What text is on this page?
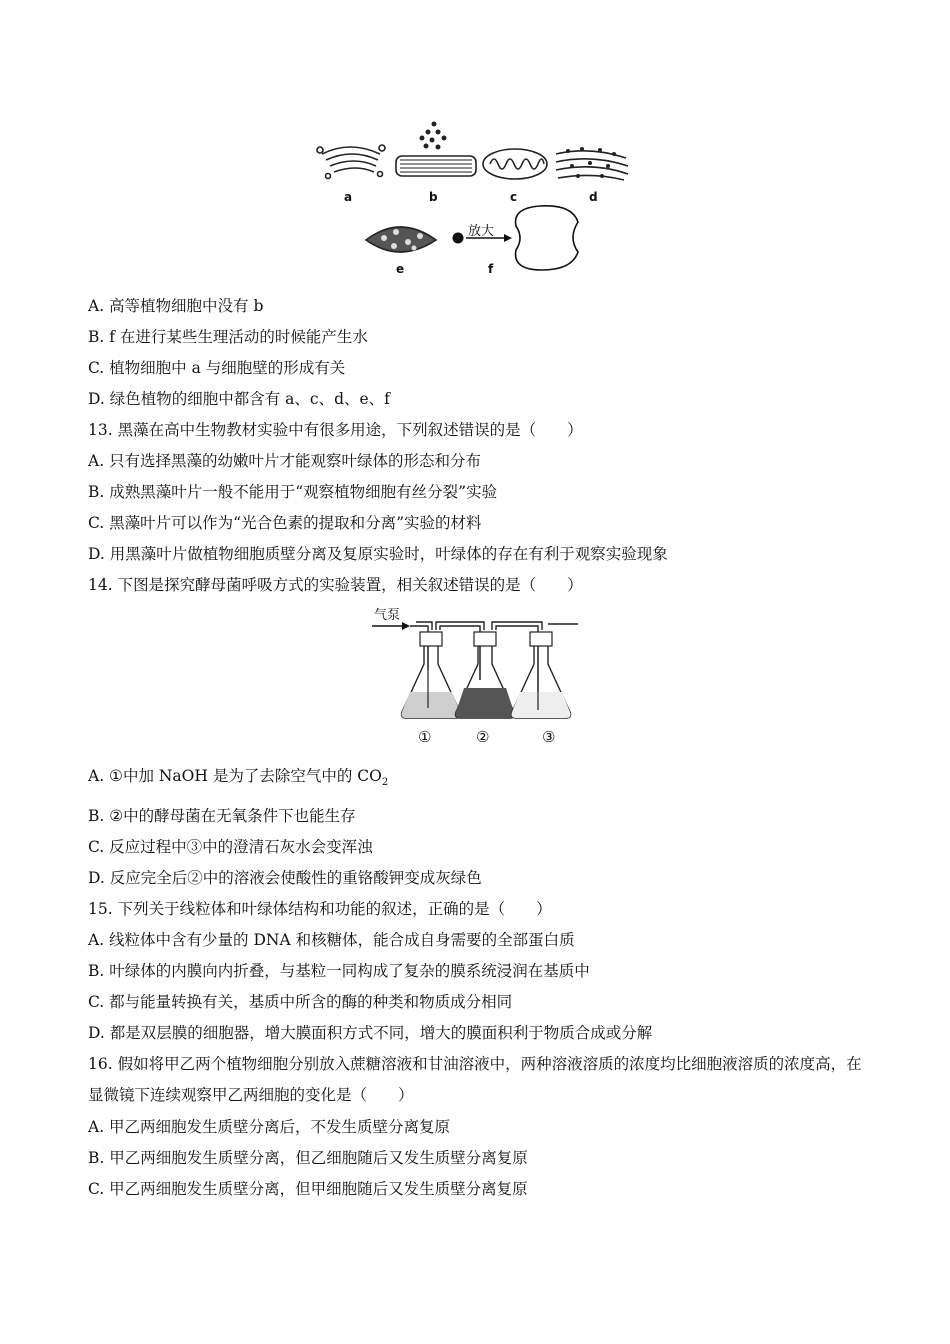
a	b	c	d
e	f
放大
A. 高等植物细胞中没有 b
B. f 在进行某些生理活动的时候能产生水
C. 植物细胞中 a 与细胞壁的形成有关
D. 绿色植物的细胞中都含有 a、c、d、e、f
13. 黑藻在高中生物教材实验中有很多用途，下列叙述错误的是（　　）
A. 只有选择黑藻的幼嫩叶片才能观察叶绿体的形态和分布
B. 成熟黑藻叶片一般不能用于“观察植物细胞有丝分裂”实验
C. 黑藻叶片可以作为“光合色素的提取和分离”实验的材料
D. 用黑藻叶片做植物细胞质壁分离及复原实验时，叶绿体的存在有利于观察实验现象
14. 下图是探究酵母菌呼吸方式的实验装置，相关叙述错误的是（　　）
气泵
①	②	③
A. ①中加 NaOH 是为了去除空气中的 $CO_2$
B. ②中的酵母菌在无氧条件下也能生存
C. 反应过程中③中的澄清石灰水会变浑浊
D. 反应完全后②中的溶液会使酸性的重铬酸钾变成灰绿色
15. 下列关于线粒体和叶绿体结构和功能的叙述，正确的是（　　）
A. 线粒体中含有少量的 DNA 和核糖体，能合成自身需要的全部蛋白质
B. 叶绿体的内膜向内折叠，与基粒一同构成了复杂的膜系统浸润在基质中
C. 都与能量转换有关，基质中所含的酶的种类和物质成分相同
D. 都是双层膜的细胞器，增大膜面积方式不同，增大的膜面积利于物质合成或分解
16. 假如将甲乙两个植物细胞分别放入蔗糖溶液和甘油溶液中，两种溶液溶质的浓度均比细胞液溶质的浓度高，在显微镜下连续观察甲乙两细胞的变化是（　　）
A. 甲乙两细胞发生质壁分离后，不发生质壁分离复原
B. 甲乙两细胞发生质壁分离，但乙细胞随后又发生质壁分离复原
C. 甲乙两细胞发生质壁分离，但甲细胞随后又发生质壁分离复原
